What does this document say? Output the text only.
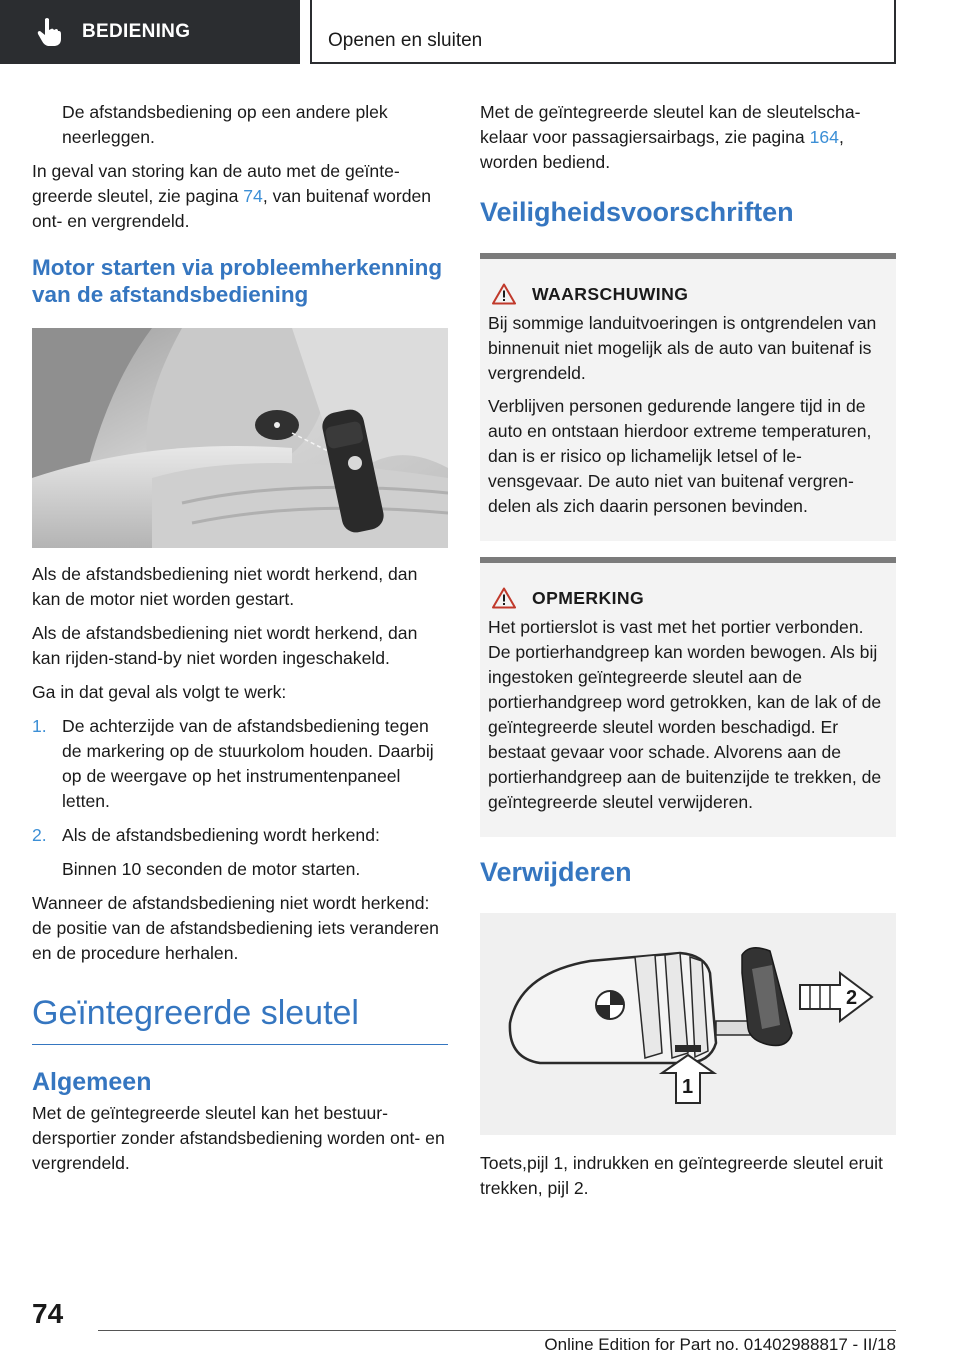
BEDIENING	Openen en sluiten

De afstandsbediening op een andere plek neerleggen.

In geval van storing kan de auto met de geïntegreerde sleutel, zie pagina 74, van buitenaf worden ont- en vergrendeld.

Motor starten via probleemherkenning van de afstandsbediening

Als de afstandsbediening niet wordt herkend, dan kan de motor niet worden gestart.

Als de afstandsbediening niet wordt herkend, dan kan rijden-stand-by niet worden ingeschakeld.

Ga in dat geval als volgt te werk:

1. De achterzijde van de afstandsbediening tegen de markering op de stuurkolom houden. Daarbij op de weergave op het instrumentenpaneel letten.
2. Als de afstandsbediening wordt herkend:

Binnen 10 seconden de motor starten.

Wanneer de afstandsbediening niet wordt herkend: de positie van de afstandsbediening iets veranderen en de procedure herhalen.

Geïntegreerde sleutel
Algemeen

Met de geïntegreerde sleutel kan het bestuurdersportier zonder afstandsbediening worden ont- en vergrendeld.

Met de geïntegreerde sleutel kan de sleutelschakelaar voor passagiersairbags, zie pagina 164, worden bediend.

Veiligheidsvoorschriften
WAARSCHUWING

Bij sommige landuitvoeringen is ontgrendelen van binnenuit niet mogelijk als de auto van buitenaf is vergrendeld.

Verblijven personen gedurende langere tijd in de auto en ontstaan hierdoor extreme temperaturen, dan is er risico op lichamelijk letsel of levensgevaar. De auto niet van buitenaf vergrendelen als zich daarin personen bevinden.

OPMERKING

Het portierslot is vast met het portier verbonden. De portierhandgreep kan worden bewogen. Als bij ingestoken geïntegreerde sleutel aan de portierhandgreep word getrokken, kan de lak of de geïntegreerde sleutel worden beschadigd. Er bestaat gevaar voor schade. Alvorens aan de portierhandgreep aan de buitenzijde te trekken, de geïntegreerde sleutel verwijderen.

Verwijderen
2
1

Toets,pijl 1, indrukken en geïntegreerde sleutel eruit trekken, pijl 2.

74
Online Edition for Part no. 01402988817 - II/18
